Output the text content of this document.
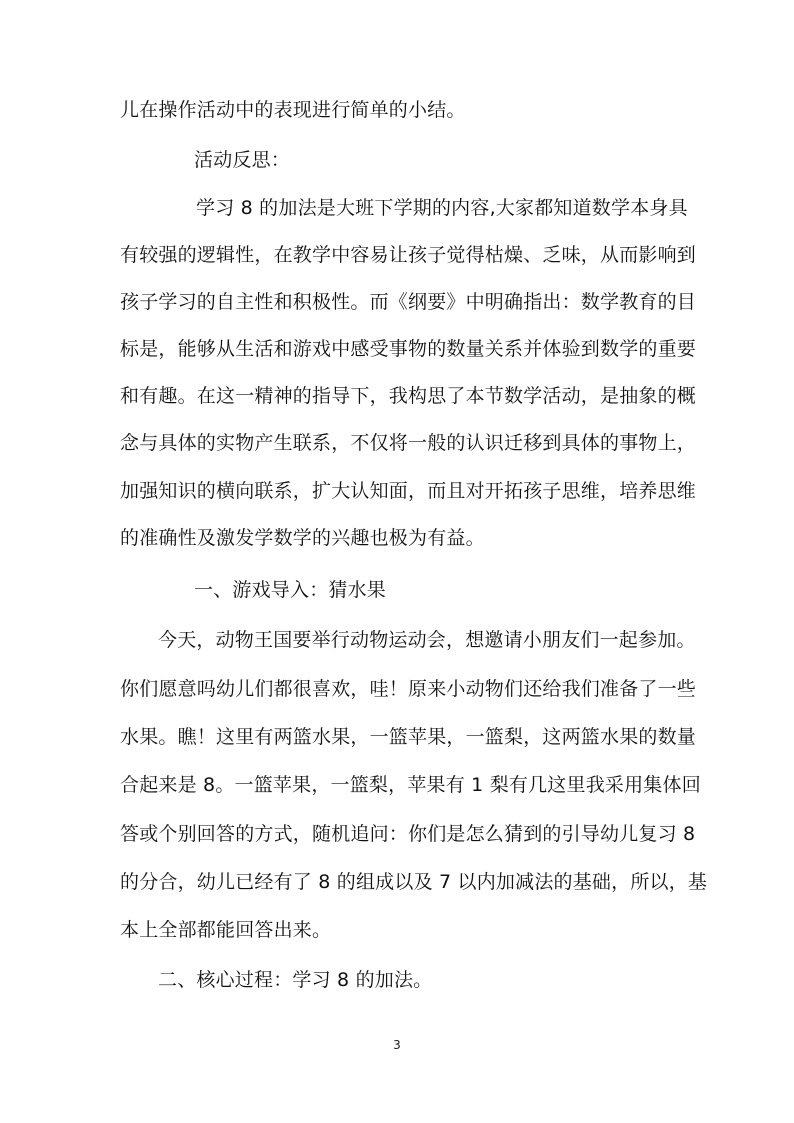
儿在操作活动中的表现进行简单的小结。
活动反思：
学习 8 的加法是大班下学期的内容,大家都知道数学本身具
有较强的逻辑性，在教学中容易让孩子觉得枯燥、乏味，从而影响到
孩子学习的自主性和积极性。而《纲要》中明确指出：数学教育的目
标是，能够从生活和游戏中感受事物的数量关系并体验到数学的重要
和有趣。在这一精神的指导下，我构思了本节数学活动，是抽象的概
念与具体的实物产生联系，不仅将一般的认识迁移到具体的事物上，
加强知识的横向联系，扩大认知面，而且对开拓孩子思维，培养思维
的准确性及激发学数学的兴趣也极为有益。
一、游戏导入：猜水果
今天，动物王国要举行动物运动会，想邀请小朋友们一起参加。
你们愿意吗幼儿们都很喜欢，哇！原来小动物们还给我们准备了一些
水果。瞧！这里有两篮水果，一篮苹果，一篮梨，这两篮水果的数量
合起来是 8。一篮苹果，一篮梨，苹果有 1 梨有几这里我采用集体回
答或个别回答的方式，随机追问：你们是怎么猜到的引导幼儿复习 8
的分合，幼儿已经有了 8 的组成以及 7 以内加减法的基础，所以，基
本上全部都能回答出来。
二、核心过程：学习 8 的加法。
3
